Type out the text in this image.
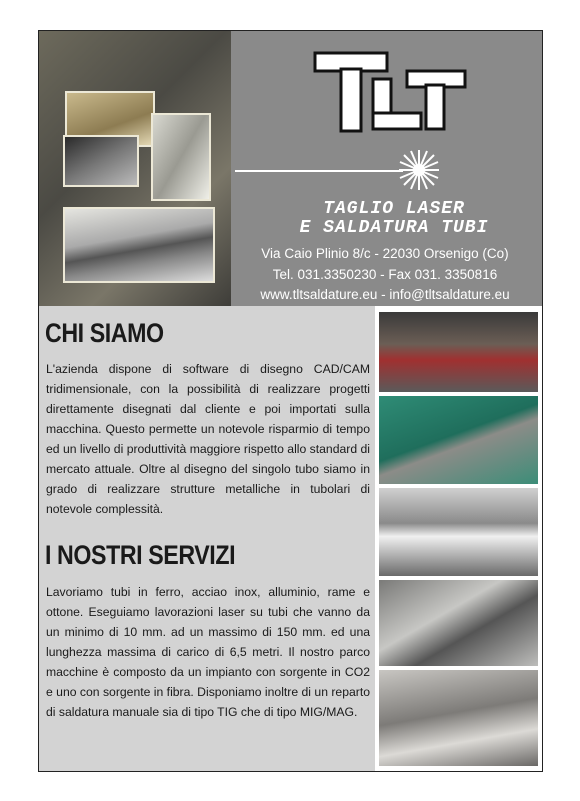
TAGLIO LASER
E SALDATURA TUBI
Via Caio Plinio 8/c - 22030 Orsenigo (Co)
Tel. 031.3350230 - Fax 031. 3350816
www.tltsaldature.eu - info@tltsaldature.eu
CHI SIAMO

L'azienda dispone di software di disegno CAD/CAM tridimensionale, con la possibilità di realizzare progetti direttamente disegnati dal cliente e poi importati sulla macchina. Questo permette un notevole risparmio di tempo ed un livello di produttività maggiore rispetto allo standard di mercato attuale. Oltre al disegno del singolo tubo siamo in grado di realizzare strutture metalliche in tubolari di notevole complessità.

I NOSTRI SERVIZI

Lavoriamo tubi in ferro, acciao inox, alluminio, rame e ottone. Eseguiamo lavorazioni laser su tubi che vanno da un minimo di 10 mm. ad un massimo di 150 mm. ed una lunghezza massima di carico di 6,5 metri. Il nostro parco macchine è composto da un impianto con sorgente in CO2 e uno con sorgente in fibra. Disponiamo inoltre di un reparto di saldatura manuale sia di tipo TIG che di tipo MIG/MAG.
